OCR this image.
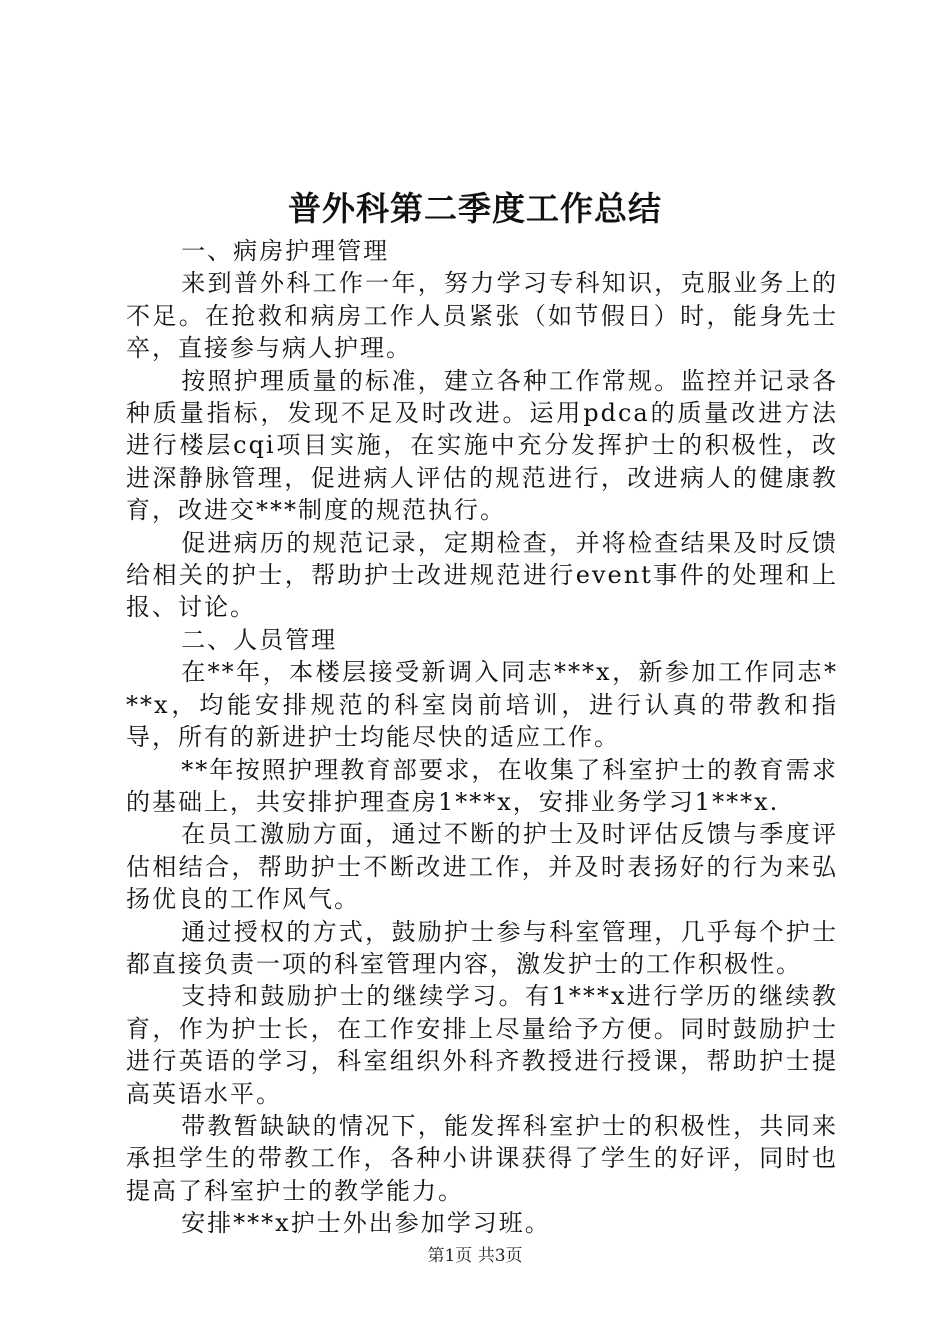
普外科第二季度工作总结

一、病房护理管理

来到普外科工作一年，努力学习专科知识，克服业务上的不足。在抢救和病房工作人员紧张（如节假日）时，能身先士卒，直接参与病人护理。

按照护理质量的标准，建立各种工作常规。监控并记录各种质量指标，发现不足及时改进。运用pdca的质量改进方法进行楼层cqi项目实施，在实施中充分发挥护士的积极性，改进深静脉管理，促进病人评估的规范进行，改进病人的健康教育，改进交***制度的规范执行。

促进病历的规范记录，定期检查，并将检查结果及时反馈给相关的护士，帮助护士改进规范进行event事件的处理和上报、讨论。

二、人员管理

在**年，本楼层接受新调入同志***x，新参加工作同志***x，均能安排规范的科室岗前培训，进行认真的带教和指导，所有的新进护士均能尽快的适应工作。

**年按照护理教育部要求，在收集了科室护士的教育需求的基础上，共安排护理查房1***x，安排业务学习1***x.

在员工激励方面，通过不断的护士及时评估反馈与季度评估相结合，帮助护士不断改进工作，并及时表扬好的行为来弘扬优良的工作风气。

通过授权的方式，鼓励护士参与科室管理，几乎每个护士都直接负责一项的科室管理内容，激发护士的工作积极性。

支持和鼓励护士的继续学习。有1***x进行学历的继续教育，作为护士长，在工作安排上尽量给予方便。同时鼓励护士进行英语的学习，科室组织外科齐教授进行授课，帮助护士提高英语水平。

带教暂缺缺的情况下，能发挥科室护士的积极性，共同来承担学生的带教工作，各种小讲课获得了学生的好评，同时也提高了科室护士的教学能力。

安排***x护士外出参加学习班。

第1页 共3页
